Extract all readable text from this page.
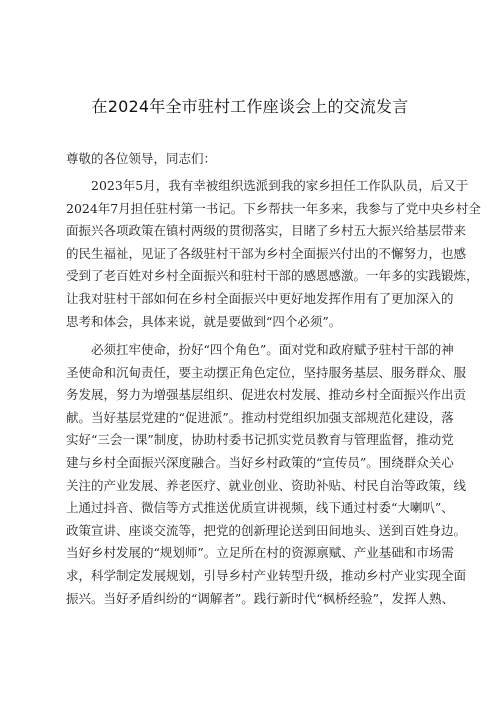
在2024年全市驻村工作座谈会上的交流发言
尊敬的各位领导，同志们：
2023年5月，我有幸被组织选派到我的家乡担任工作队队员，后又于
2024年7月担任驻村第一书记。下乡帮扶一年多来，我参与了党中央乡村全
面振兴各项政策在镇村两级的贯彻落实，目睹了乡村五大振兴给基层带来
的民生福祉，见证了各级驻村干部为乡村全面振兴付出的不懈努力，也感
受到了老百姓对乡村全面振兴和驻村干部的感恩感激。一年多的实践锻炼，
让我对驻村干部如何在乡村全面振兴中更好地发挥作用有了更加深入的
思考和体会，具体来说，就是要做到“四个必须”。
必须扛牢使命，扮好“四个角色”。面对党和政府赋予驻村干部的神
圣使命和沉甸责任，要主动摆正角色定位，坚持服务基层、服务群众、服
务发展，努力为增强基层组织、促进农村发展、推动乡村全面振兴作出贡
献。当好基层党建的“促进派”。推动村党组织加强支部规范化建设，落
实好“三会一课”制度，协助村委书记抓实党员教育与管理监督，推动党
建与乡村全面振兴深度融合。当好乡村政策的“宣传员”。围绕群众关心
关注的产业发展、养老医疗、就业创业、资助补贴、村民自治等政策，线
上通过抖音、微信等方式推送优质宣讲视频，线下通过村委“大喇叭”、
政策宣讲、座谈交流等，把党的创新理论送到田间地头、送到百姓身边。
当好乡村发展的“规划师”。立足所在村的资源禀赋、产业基础和市场需
求，科学制定发展规划，引导乡村产业转型升级，推动乡村产业实现全面
振兴。当好矛盾纠纷的“调解者”。践行新时代“枫桥经验”，发挥人熟、
